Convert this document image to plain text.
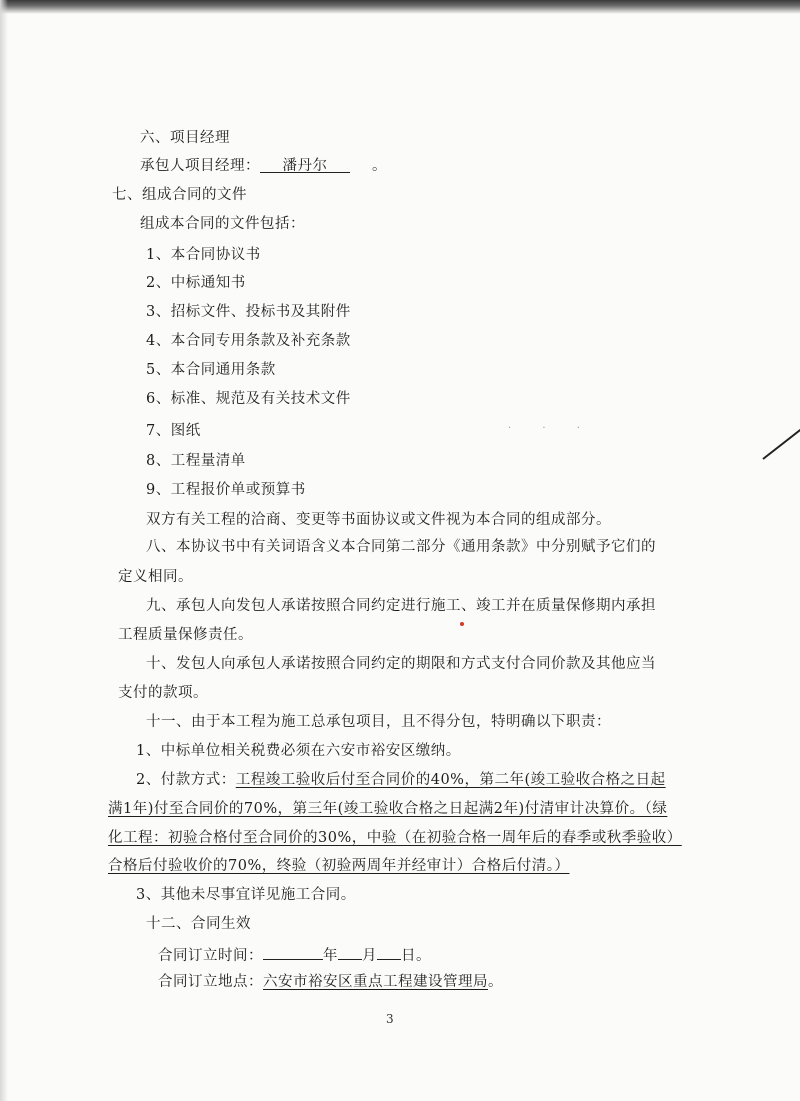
· · ·
六、项目经理
承包人项目经理： 潘丹尔	。
七、组成合同的文件
组成本合同的文件包括：
1、本合同协议书
2、中标通知书
3、招标文件、投标书及其附件
4、本合同专用条款及补充条款
5、本合同通用条款
6、标准、规范及有关技术文件
7、图纸
8、工程量清单
9、工程报价单或预算书
双方有关工程的洽商、变更等书面协议或文件视为本合同的组成部分。
八、本协议书中有关词语含义本合同第二部分《通用条款》中分别赋予它们的
定义相同。
九、承包人向发包人承诺按照合同约定进行施工、竣工并在质量保修期内承担
工程质量保修责任。
十、发包人向承包人承诺按照合同约定的期限和方式支付合同价款及其他应当
支付的款项。
十一、由于本工程为施工总承包项目，且不得分包，特明确以下职责：
1、中标单位相关税费必须在六安市裕安区缴纳。
2、付款方式：工程竣工验收后付至合同价的40%，第二年(竣工验收合格之日起
满1年)付至合同价的70%，第三年(竣工验收合格之日起满2年)付清审计决算价。（绿
化工程：初验合格付至合同价的30%，中验（在初验合格一周年后的春季或秋季验收）
合格后付验收价的70%，终验（初验两周年并经审计）合格后付清。）
3、其他未尽事宜详见施工合同。
十二、合同生效
合同订立时间：	年 月 日。
合同订立地点：六安市裕安区重点工程建设管理局。
3
